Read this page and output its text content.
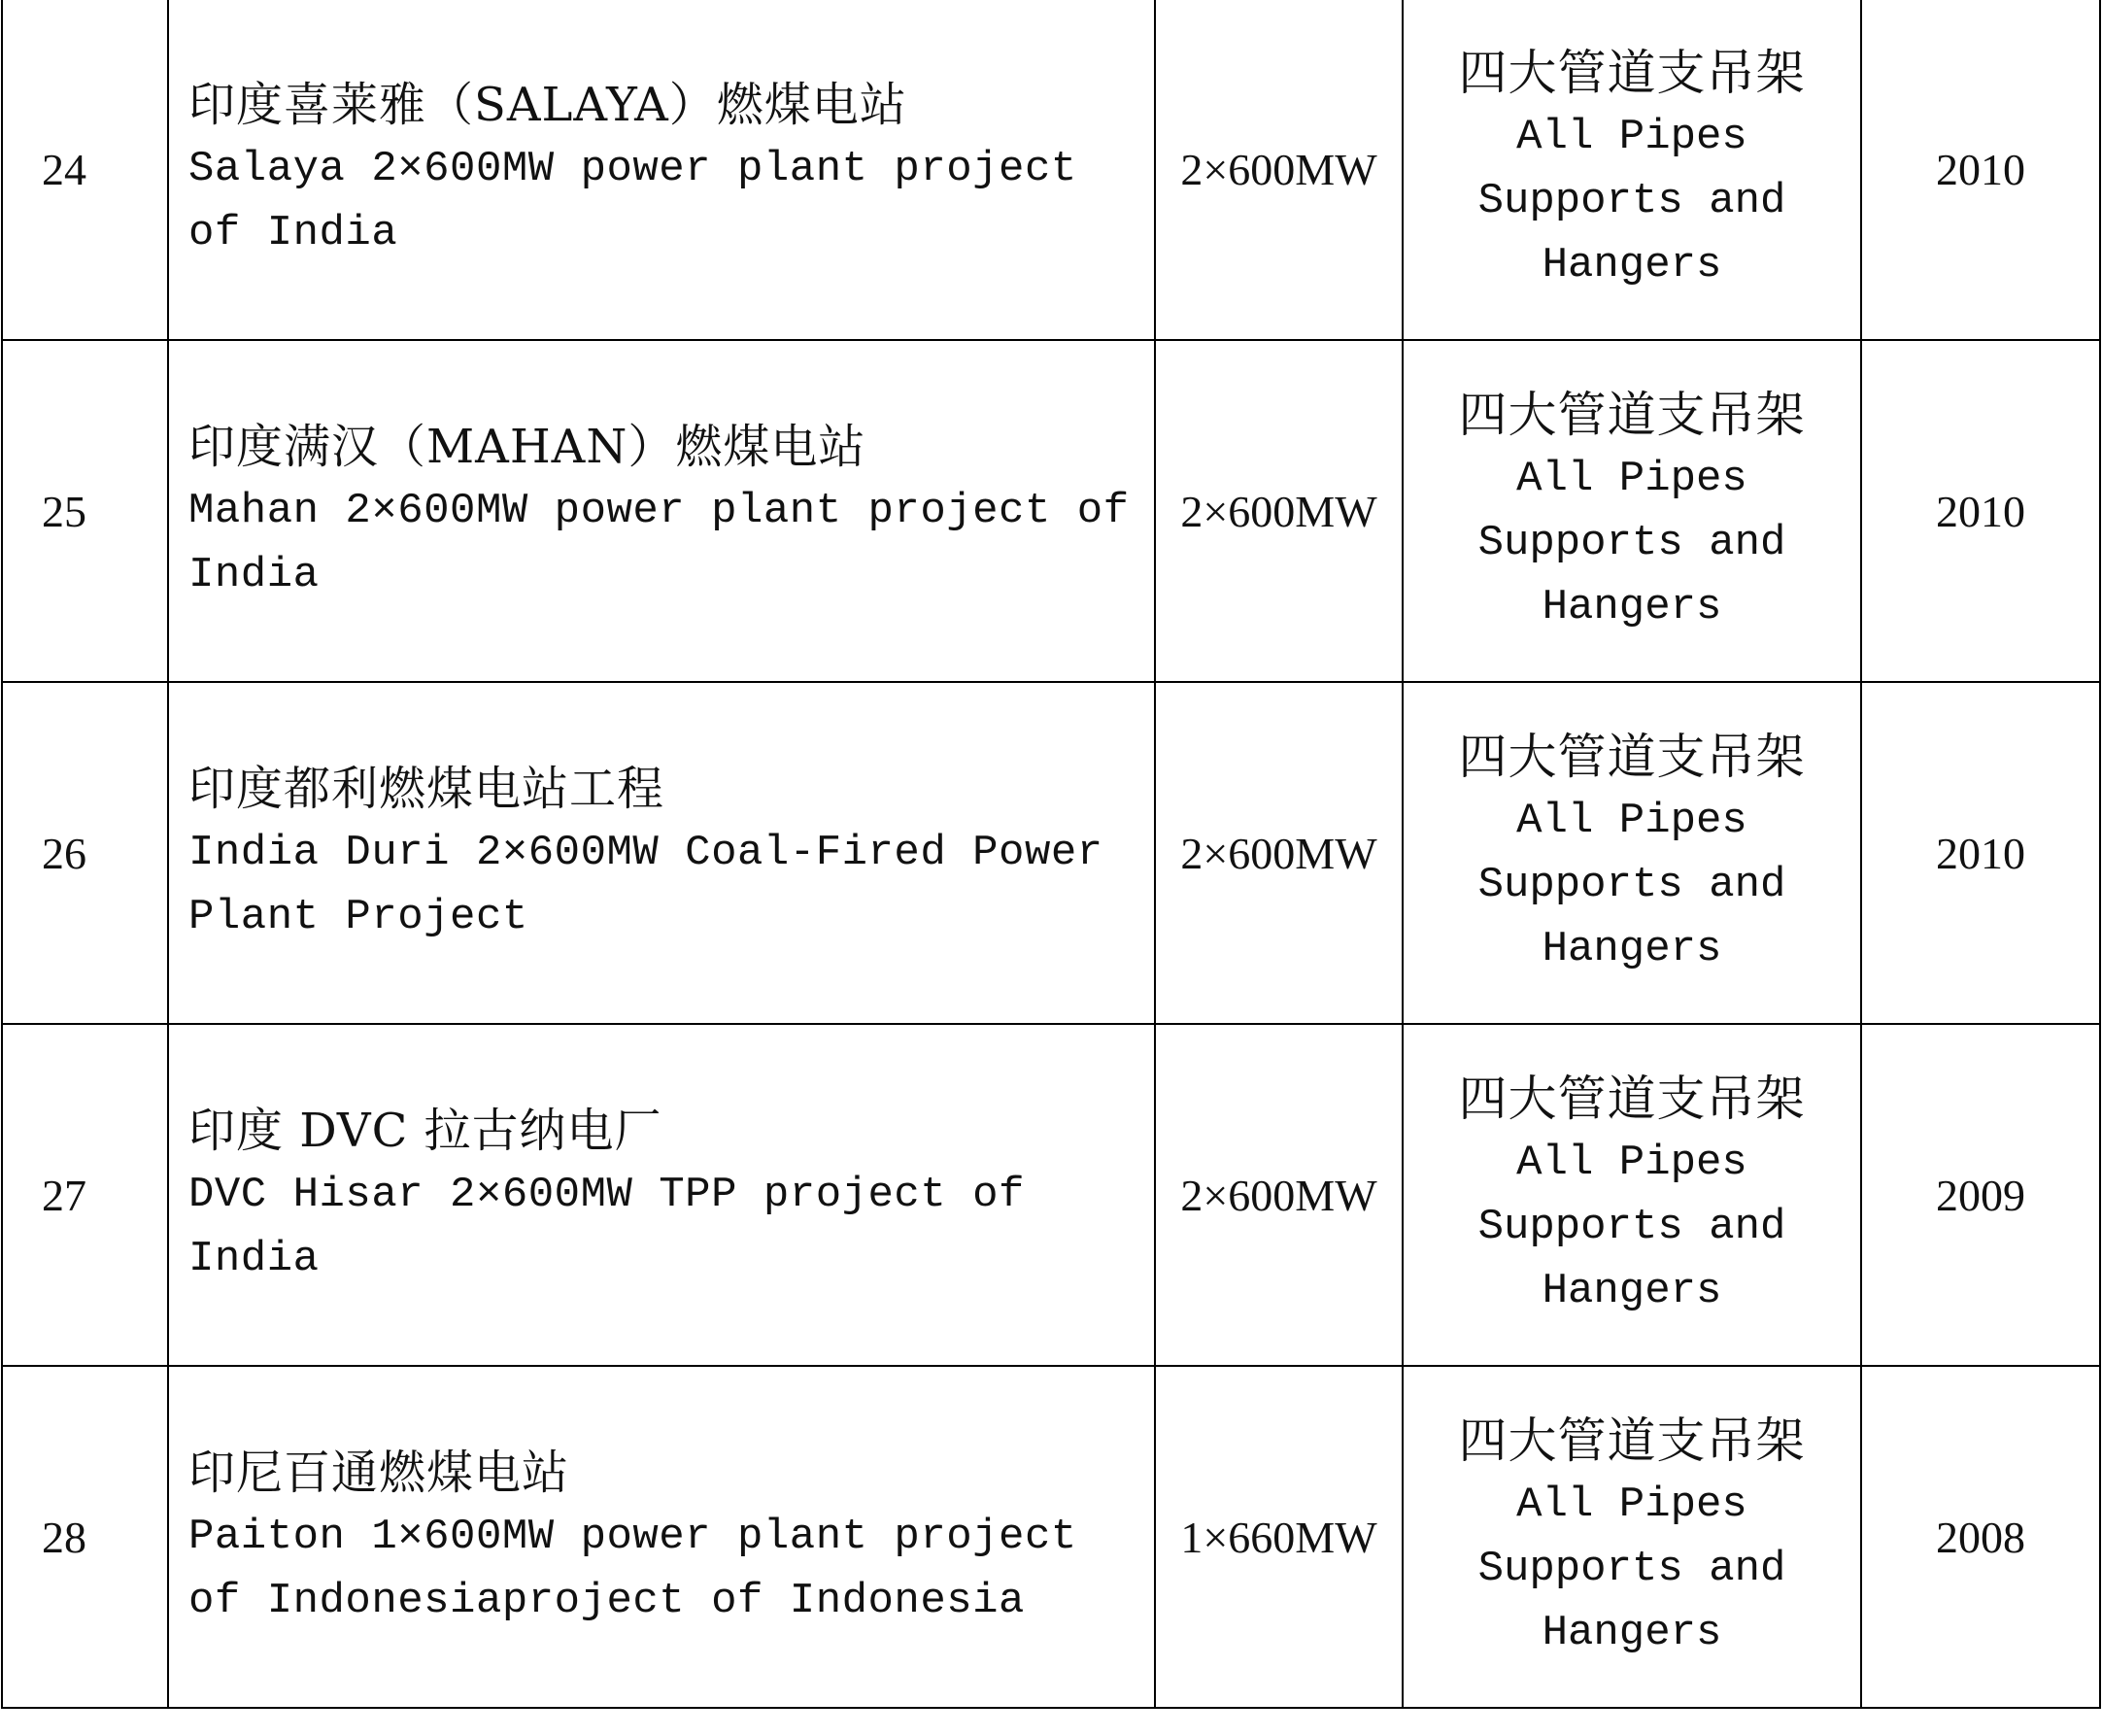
24	印度喜莱雅（SALAYA）燃煤电站
Salaya 2×600MW power plant project of India	2×600MW	四大管道支吊架
All Pipes Supports and Hangers	2010
25	印度满汉（MAHAN）燃煤电站
Mahan 2×600MW power plant project of India	2×600MW	四大管道支吊架
All Pipes Supports and Hangers	2010
26	印度都利燃煤电站工程
India Duri 2×600MW Coal-Fired Power Plant Project	2×600MW	四大管道支吊架
All Pipes Supports and Hangers	2010
27	印度 DVC 拉古纳电厂
DVC Hisar 2×600MW TPP project of India	2×600MW	四大管道支吊架
All Pipes Supports and Hangers	2009
28	印尼百通燃煤电站
Paiton 1×600MW power plant project of Indonesiaproject of Indonesia	1×660MW	四大管道支吊架
All Pipes Supports and Hangers	2008
